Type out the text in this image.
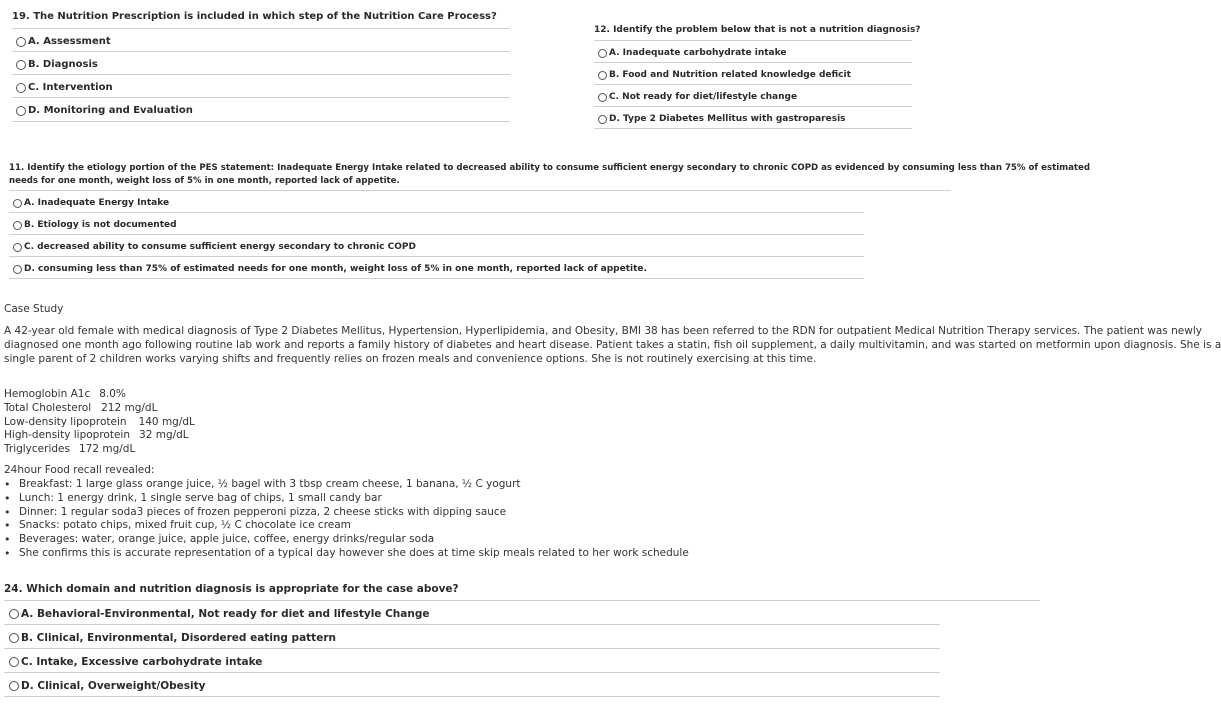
19. The Nutrition Prescription is included in which step of the Nutrition Care Process?
A. Assessment
B. Diagnosis
C. Intervention
D. Monitoring and Evaluation
12. Identify the problem below that is not a nutrition diagnosis?
A. Inadequate carbohydrate intake
B. Food and Nutrition related knowledge deficit
C. Not ready for diet/lifestyle change
D. Type 2 Diabetes Mellitus with gastroparesis
11. Identify the etiology portion of the PES statement: Inadequate Energy Intake related to decreased ability to consume sufficient energy secondary to chronic COPD as evidenced by consuming less than 75% of estimated
needs for one month, weight loss of 5% in one month, reported lack of appetite.
A. Inadequate Energy Intake
B. Etiology is not documented
C. decreased ability to consume sufficient energy secondary to chronic COPD
D. consuming less than 75% of estimated needs for one month, weight loss of 5% in one month, reported lack of appetite.
Case Study
A 42-year old female with medical diagnosis of Type 2 Diabetes Mellitus, Hypertension, Hyperlipidemia, and Obesity, BMI 38 has been referred to the RDN for outpatient Medical Nutrition Therapy services. The patient was newly
diagnosed one month ago following routine lab work and reports a family history of diabetes and heart disease. Patient takes a statin, fish oil supplement, a daily multivitamin, and was started on metformin upon diagnosis. She is a
single parent of 2 children works varying shifts and frequently relies on frozen meals and convenience options. She is not routinely exercising at this time.
Hemoglobin A1c 8.0%
Total Cholesterol 212 mg/dL
Low-density lipoprotein 140 mg/dL
High-density lipoprotein 32 mg/dL
Triglycerides 172 mg/dL
24hour Food recall revealed:
• Breakfast: 1 large glass orange juice, ½ bagel with 3 tbsp cream cheese, 1 banana, ½ C yogurt
• Lunch: 1 energy drink, 1 single serve bag of chips, 1 small candy bar
• Dinner: 1 regular soda3 pieces of frozen pepperoni pizza, 2 cheese sticks with dipping sauce
• Snacks: potato chips, mixed fruit cup, ½ C chocolate ice cream
• Beverages: water, orange juice, apple juice, coffee, energy drinks/regular soda
• She confirms this is accurate representation of a typical day however she does at time skip meals related to her work schedule
24. Which domain and nutrition diagnosis is appropriate for the case above?
A. Behavioral-Environmental, Not ready for diet and lifestyle Change
B. Clinical, Environmental, Disordered eating pattern
C. Intake, Excessive carbohydrate intake
D. Clinical, Overweight/Obesity
